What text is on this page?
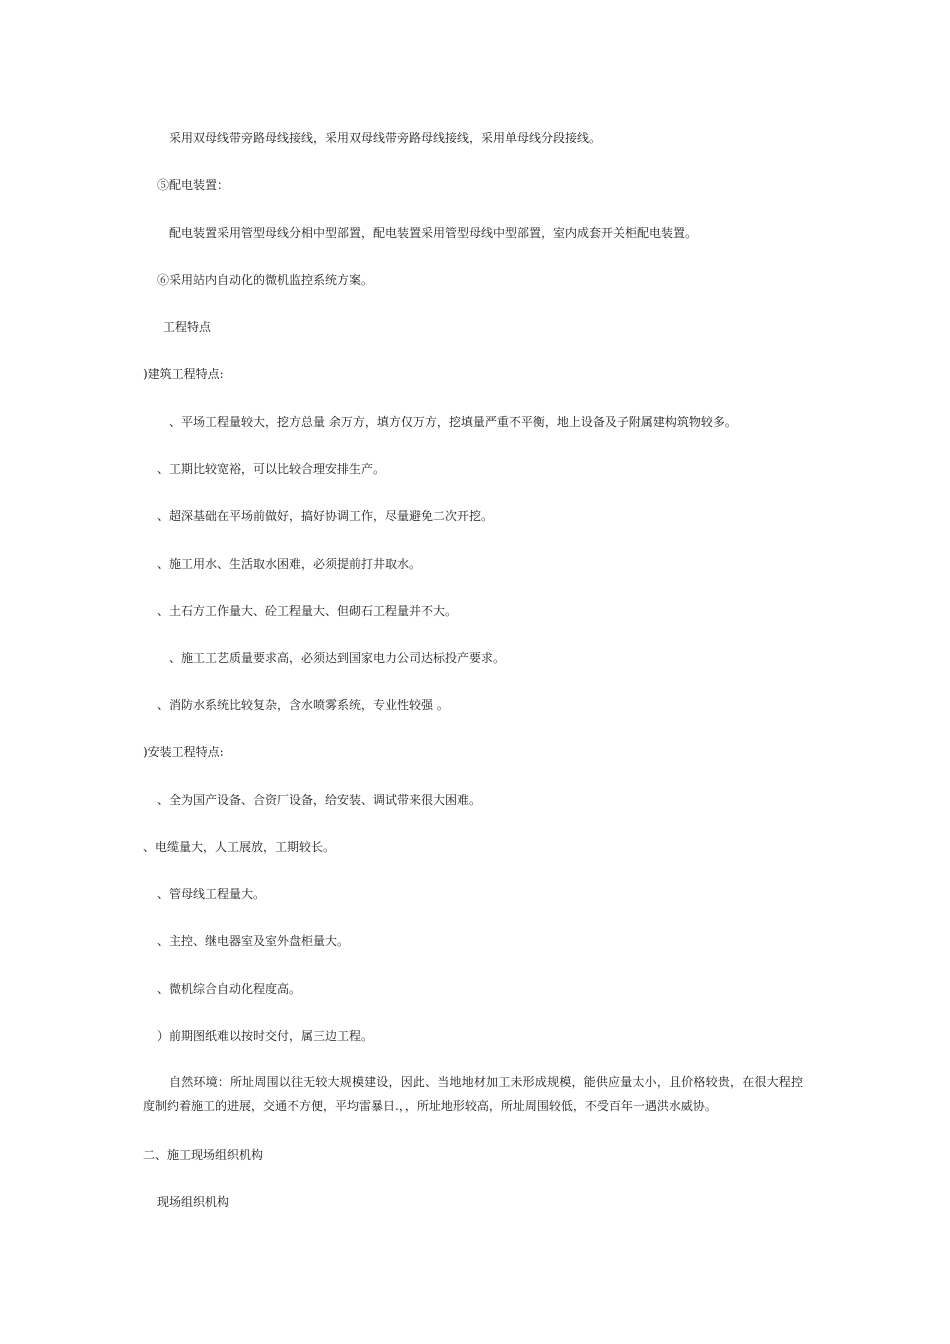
采用双母线带旁路母线接线，采用双母线带旁路母线接线，采用单母线分段接线。
⑤配电装置：
配电装置采用管型母线分相中型部置，配电装置采用管型母线中型部置，室内成套开关柜配电装置。
⑥采用站内自动化的微机监控系统方案。
工程特点
)建筑工程特点:
、平场工程量较大，挖方总量 余万方，填方仅万方，挖填量严重不平衡，地上设备及子附属建构筑物较多。
、工期比较宽裕，可以比较合理安排生产。
、超深基础在平场前做好，搞好协调工作，尽量避免二次开挖。
、施工用水、生活取水困难，必须提前打井取水。
、土石方工作量大、砼工程量大、但砌石工程量并不大。
、施工工艺质量要求高，必须达到国家电力公司达标投产要求。
、消防水系统比较复杂，含水喷雾系统，专业性较强 。
)安装工程特点:
、全为国产设备、合资厂设备，给安装、调试带来很大困难。
、电缆量大，人工展放，工期较长。
、管母线工程量大。
、主控、继电器室及室外盘柜量大。
、微机综合自动化程度高。
）前期图纸难以按时交付，属三边工程。
自然环境：所址周围以往无较大规模建设，因此、当地地材加工未形成规模，能供应量太小，且价格较贵，在很大程控度制约着施工的进展，交通不方便，平均雷暴日.，，所址地形较高，所址周围较低，不受百年一遇洪水威协。
二、施工现场组织机构
现场组织机构
